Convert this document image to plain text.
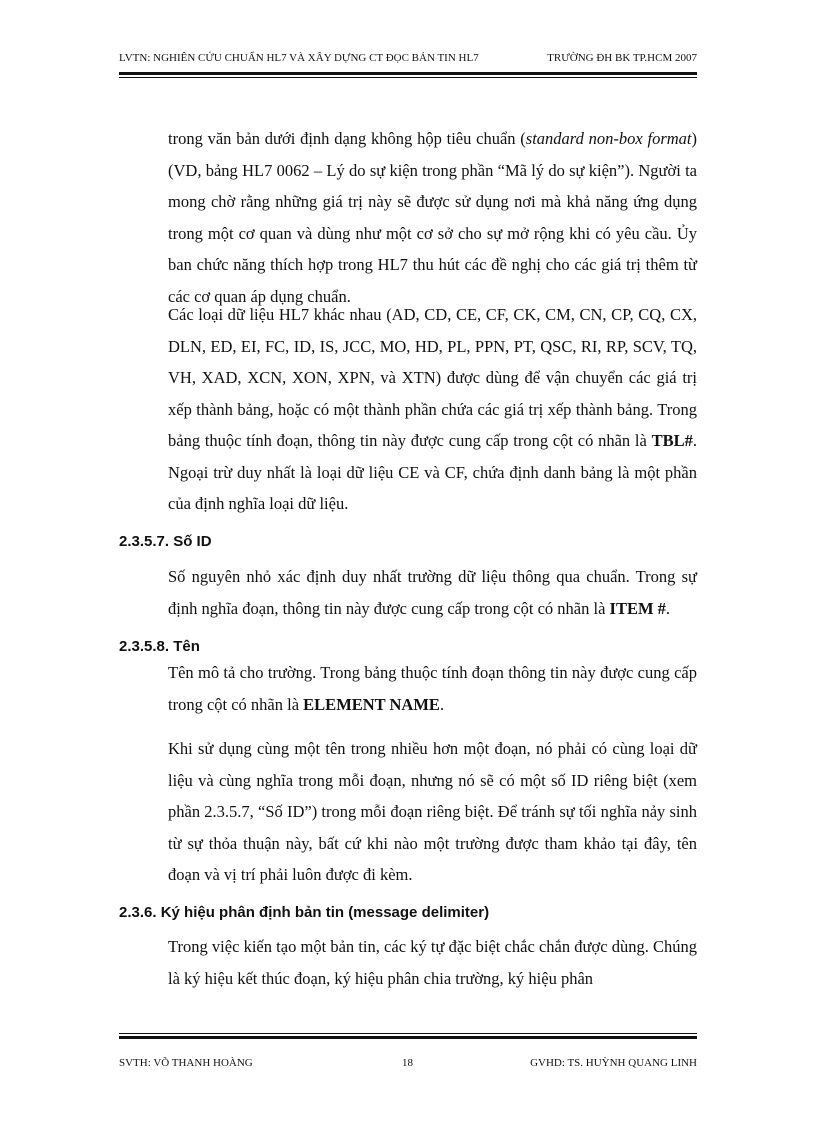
LVTN: NGHIÊN CỨU CHUẨN HL7 VÀ XÂY DỰNG CT ĐỌC BẢN TIN HL7	TRƯỜNG ĐH BK TP.HCM 2007

trong văn bản dưới định dạng không hộp tiêu chuẩn (standard non-box format) (VD, bảng HL7 0062 – Lý do sự kiện trong phần “Mã lý do sự kiện”). Người ta mong chờ rằng những giá trị này sẽ được sử dụng nơi mà khả năng ứng dụng trong một cơ quan và dùng như một cơ sở cho sự mở rộng khi có yêu cầu. Ủy ban chức năng thích hợp trong HL7 thu hút các đề nghị cho các giá trị thêm từ các cơ quan áp dụng chuẩn.

Các loại dữ liệu HL7 khác nhau (AD, CD, CE, CF, CK, CM, CN, CP, CQ, CX, DLN, ED, EI, FC, ID, IS, JCC, MO, HD, PL, PPN, PT, QSC, RI, RP, SCV, TQ, VH, XAD, XCN, XON, XPN, và XTN) được dùng để vận chuyển các giá trị xếp thành bảng, hoặc có một thành phần chứa các giá trị xếp thành bảng. Trong bảng thuộc tính đoạn, thông tin này được cung cấp trong cột có nhãn là TBL#. Ngoại trừ duy nhất là loại dữ liệu CE và CF, chứa định danh bảng là một phần của định nghĩa loại dữ liệu.

2.3.5.7. Số ID

Số nguyên nhỏ xác định duy nhất trường dữ liệu thông qua chuẩn. Trong sự định nghĩa đoạn, thông tin này được cung cấp trong cột có nhãn là ITEM #.

2.3.5.8. Tên

Tên mô tả cho trường. Trong bảng thuộc tính đoạn thông tin này được cung cấp trong cột có nhãn là ELEMENT NAME.

Khi sử dụng cùng một tên trong nhiều hơn một đoạn, nó phải có cùng loại dữ liệu và cùng nghĩa trong mỗi đoạn, nhưng nó sẽ có một số ID riêng biệt (xem phần 2.3.5.7, “Số ID”) trong mỗi đoạn riêng biệt. Để tránh sự tối nghĩa nảy sinh từ sự thỏa thuận này, bất cứ khi nào một trường được tham khảo tại đây, tên đoạn và vị trí phải luôn được đi kèm.

2.3.6. Ký hiệu phân định bản tin (message delimiter)

Trong việc kiến tạo một bản tin, các ký tự đặc biệt chắc chắn được dùng. Chúng là ký hiệu kết thúc đoạn, ký hiệu phân chia trường, ký hiệu phân

SVTH: VÕ THANH HOÀNG	18	GVHD: TS. HUỲNH QUANG LINH
